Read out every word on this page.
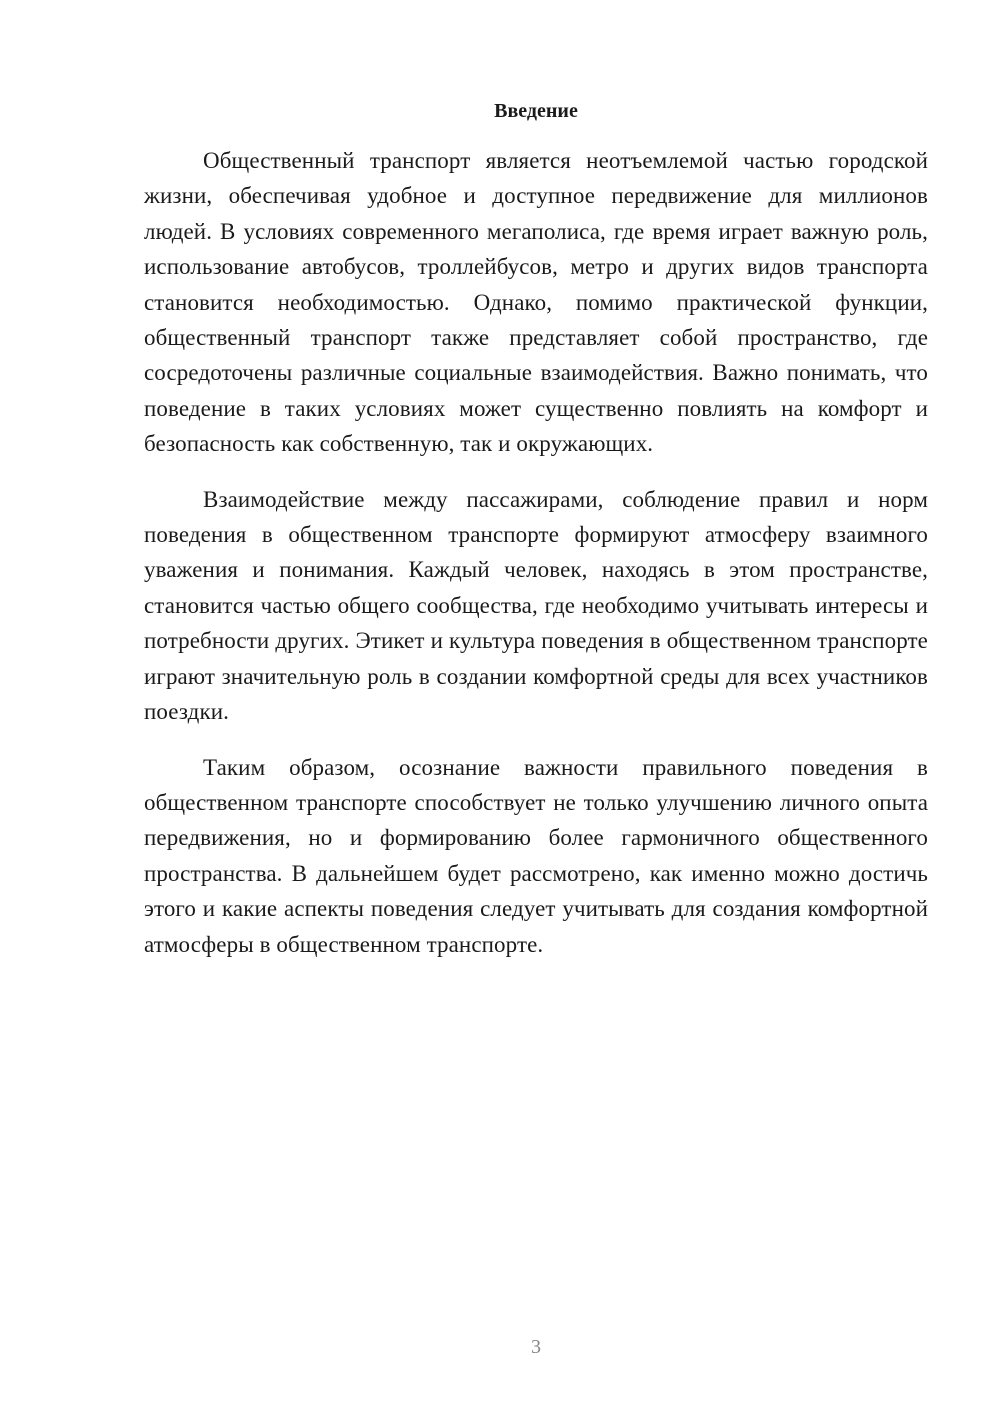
Введение

Общественный транспорт является неотъемлемой частью городской жизни, обеспечивая удобное и доступное передвижение для миллионов людей. В условиях современного мегаполиса, где время играет важную роль, использование автобусов, троллейбусов, метро и других видов транспорта становится необходимостью. Однако, помимо практической функции, общественный транспорт также представляет собой пространство, где сосредоточены различные социальные взаимодействия. Важно понимать, что поведение в таких условиях может существенно повлиять на комфорт и безопасность как собственную, так и окружающих.

Взаимодействие между пассажирами, соблюдение правил и норм поведения в общественном транспорте формируют атмосферу взаимного уважения и понимания. Каждый человек, находясь в этом пространстве, становится частью общего сообщества, где необходимо учитывать интересы и потребности других. Этикет и культура поведения в общественном транспорте играют значительную роль в создании комфортной среды для всех участников поездки.

Таким образом, осознание важности правильного поведения в общественном транспорте способствует не только улучшению личного опыта передвижения, но и формированию более гармоничного общественного пространства. В дальнейшем будет рассмотрено, как именно можно достичь этого и какие аспекты поведения следует учитывать для создания комфортной атмосферы в общественном транспорте.

3
